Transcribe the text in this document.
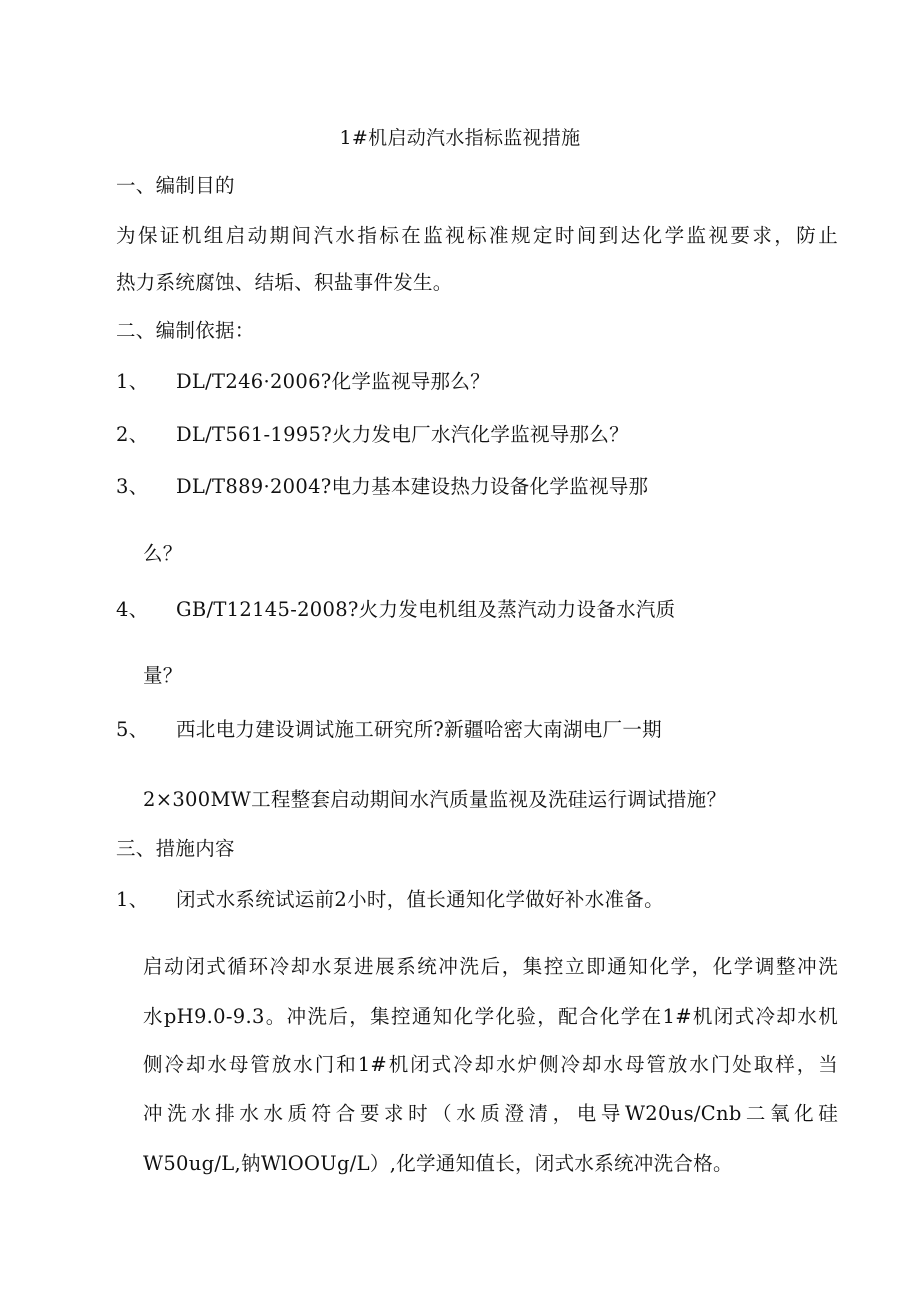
1#机启动汽水指标监视措施
一、编制目的
为保证机组启动期间汽水指标在监视标准规定时间到达化学监视要求，防止
热力系统腐蚀、结垢、积盐事件发生。
二、编制依据：
1、 DL/T246·2006?化学监视导那么？
2、 DL/T561-1995?火力发电厂水汽化学监视导那么？
3、 DL/T889·2004?电力基本建设热力设备化学监视导那
么？
4、 GB/T12145-2008?火力发电机组及蒸汽动力设备水汽质
量？
5、 西北电力建设调试施工研究所?新疆哈密大南湖电厂一期
2×300MW工程整套启动期间水汽质量监视及洗硅运行调试措施？
三、措施内容
1、 闭式水系统试运前2小时，值长通知化学做好补水准备。
启动闭式循环冷却水泵进展系统冲洗后，集控立即通知化学，化学调整冲洗
水pH9.0-9.3。冲洗后，集控通知化学化验，配合化学在1#机闭式冷却水机
侧冷却水母管放水门和1#机闭式冷却水炉侧冷却水母管放水门处取样，当
冲洗水排水水质符合要求时（水质澄清，电导W20us∕Cnb二氧化硅
W50ug∕L,钠WlOOUg/L）,化学通知值长，闭式水系统冲洗合格。
